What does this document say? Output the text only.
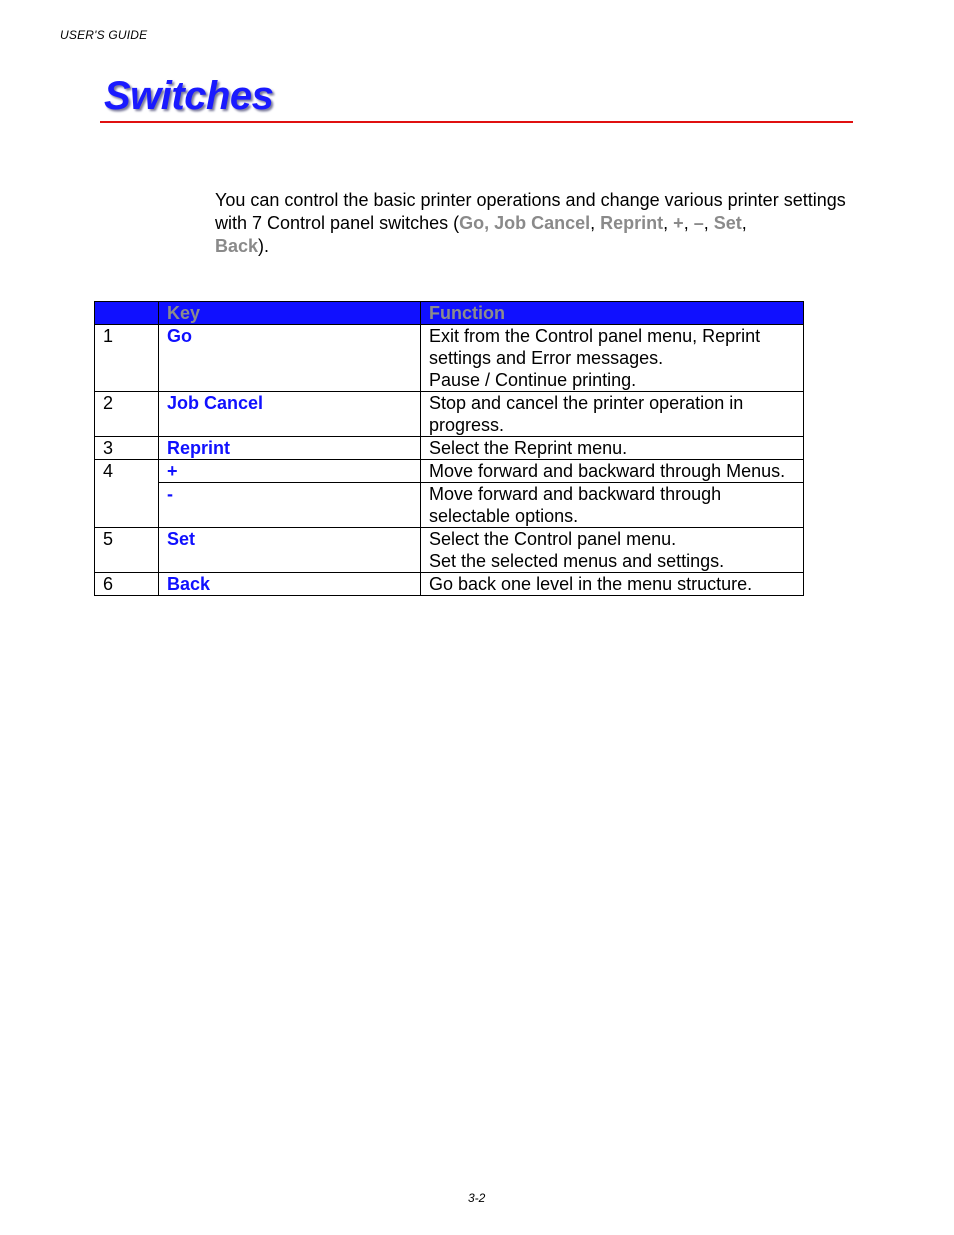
USER'S GUIDE
Switches
You can control the basic printer operations and change various printer settings with 7 Control panel switches (Go, Job Cancel, Reprint, +, –, Set,
Back).
	Key	Function
1	Go	Exit from the Control panel menu, Reprint settings and Error messages.
Pause / Continue printing.

2	Job Cancel	Stop and cancel the printer operation in progress.

3	Reprint	Select the Reprint menu.

4	+	Move forward and backward through Menus.

	-	Move forward and backward through selectable options.

5	Set	Select the Control panel menu.
Set the selected menus and settings.

6	Back	Go back one level in the menu structure.
3-2
